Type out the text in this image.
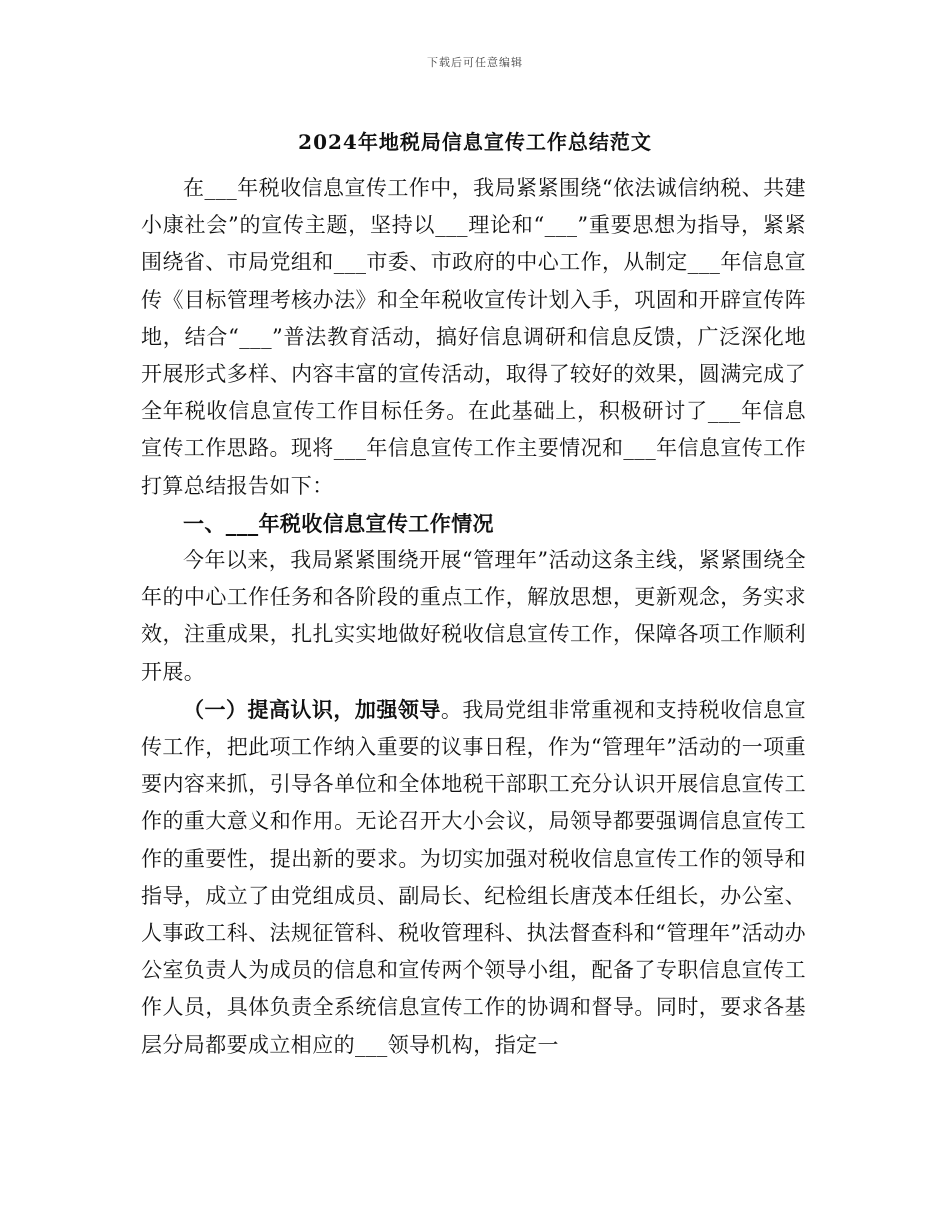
下载后可任意编辑
2024年地税局信息宣传工作总结范文

在___年税收信息宣传工作中，我局紧紧围绕“依法诚信纳税、共建小康社会”的宣传主题，坚持以___理论和“___”重要思想为指导，紧紧围绕省、市局党组和___市委、市政府的中心工作，从制定___年信息宣传《目标管理考核办法》和全年税收宣传计划入手，巩固和开辟宣传阵地，结合“___”普法教育活动，搞好信息调研和信息反馈，广泛深化地开展形式多样、内容丰富的宣传活动，取得了较好的效果，圆满完成了全年税收信息宣传工作目标任务。在此基础上，积极研讨了___年信息宣传工作思路。现将___年信息宣传工作主要情况和___年信息宣传工作打算总结报告如下：

一、___年税收信息宣传工作情况

今年以来，我局紧紧围绕开展“管理年”活动这条主线，紧紧围绕全年的中心工作任务和各阶段的重点工作，解放思想，更新观念，务实求效，注重成果，扎扎实实地做好税收信息宣传工作，保障各项工作顺利开展。

（一）提高认识，加强领导。我局党组非常重视和支持税收信息宣传工作，把此项工作纳入重要的议事日程，作为“管理年”活动的一项重要内容来抓，引导各单位和全体地税干部职工充分认识开展信息宣传工作的重大意义和作用。无论召开大小会议，局领导都要强调信息宣传工作的重要性，提出新的要求。为切实加强对税收信息宣传工作的领导和指导，成立了由党组成员、副局长、纪检组长唐茂本任组长，办公室、人事政工科、法规征管科、税收管理科、执法督查科和“管理年”活动办公室负责人为成员的信息和宣传两个领导小组，配备了专职信息宣传工作人员，具体负责全系统信息宣传工作的协调和督导。同时，要求各基层分局都要成立相应的___领导机构，指定一
